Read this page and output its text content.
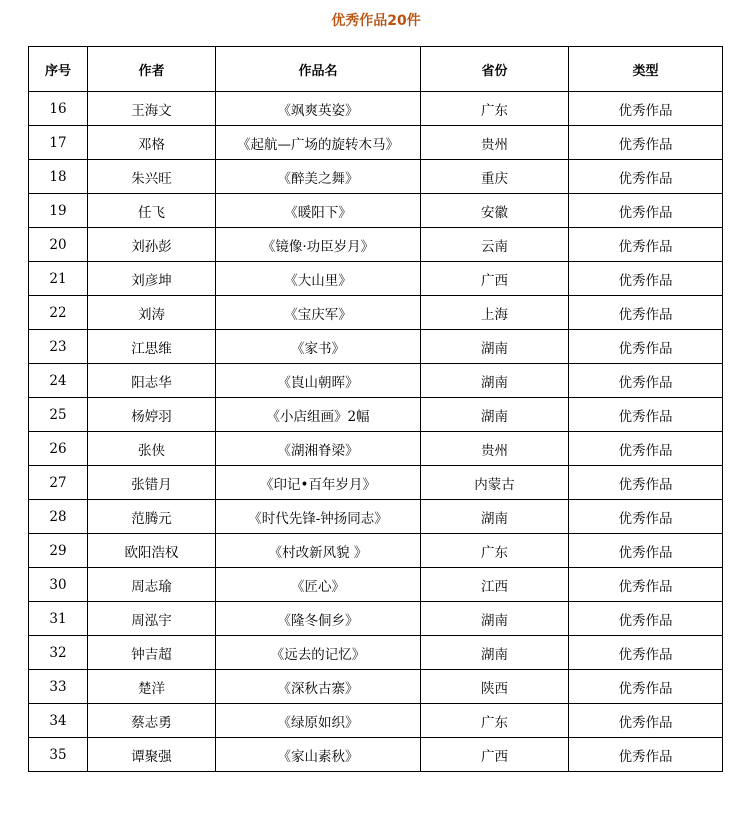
优秀作品20件
序号	作者	作品名	省份	类型
16	王海文	《飒爽英姿》	广东	优秀作品
17	邓格	《起航—广场的旋转木马》	贵州	优秀作品
18	朱兴旺	《醉美之舞》	重庆	优秀作品
19	任飞	《暖阳下》	安徽	优秀作品
20	刘孙彭	《镜像·功臣岁月》	云南	优秀作品
21	刘彦坤	《大山里》	广西	优秀作品
22	刘涛	《宝庆军》	上海	优秀作品
23	江思维	《家书》	湖南	优秀作品
24	阳志华	《崀山朝晖》	湖南	优秀作品
25	杨婷羽	《小店组画》2幅	湖南	优秀作品
26	张侠	《湖湘脊梁》	贵州	优秀作品
27	张错月	《印记•百年岁月》	内蒙古	优秀作品
28	范腾元	《时代先锋-钟扬同志》	湖南	优秀作品
29	欧阳浩权	《村改新风貌 》	广东	优秀作品
30	周志瑜	《匠心》	江西	优秀作品
31	周泓宇	《隆冬侗乡》	湖南	优秀作品
32	钟吉超	《远去的记忆》	湖南	优秀作品
33	楚洋	《深秋古寨》	陕西	优秀作品
34	蔡志勇	《绿原如织》	广东	优秀作品
35	谭聚强	《家山素秋》	广西	优秀作品
